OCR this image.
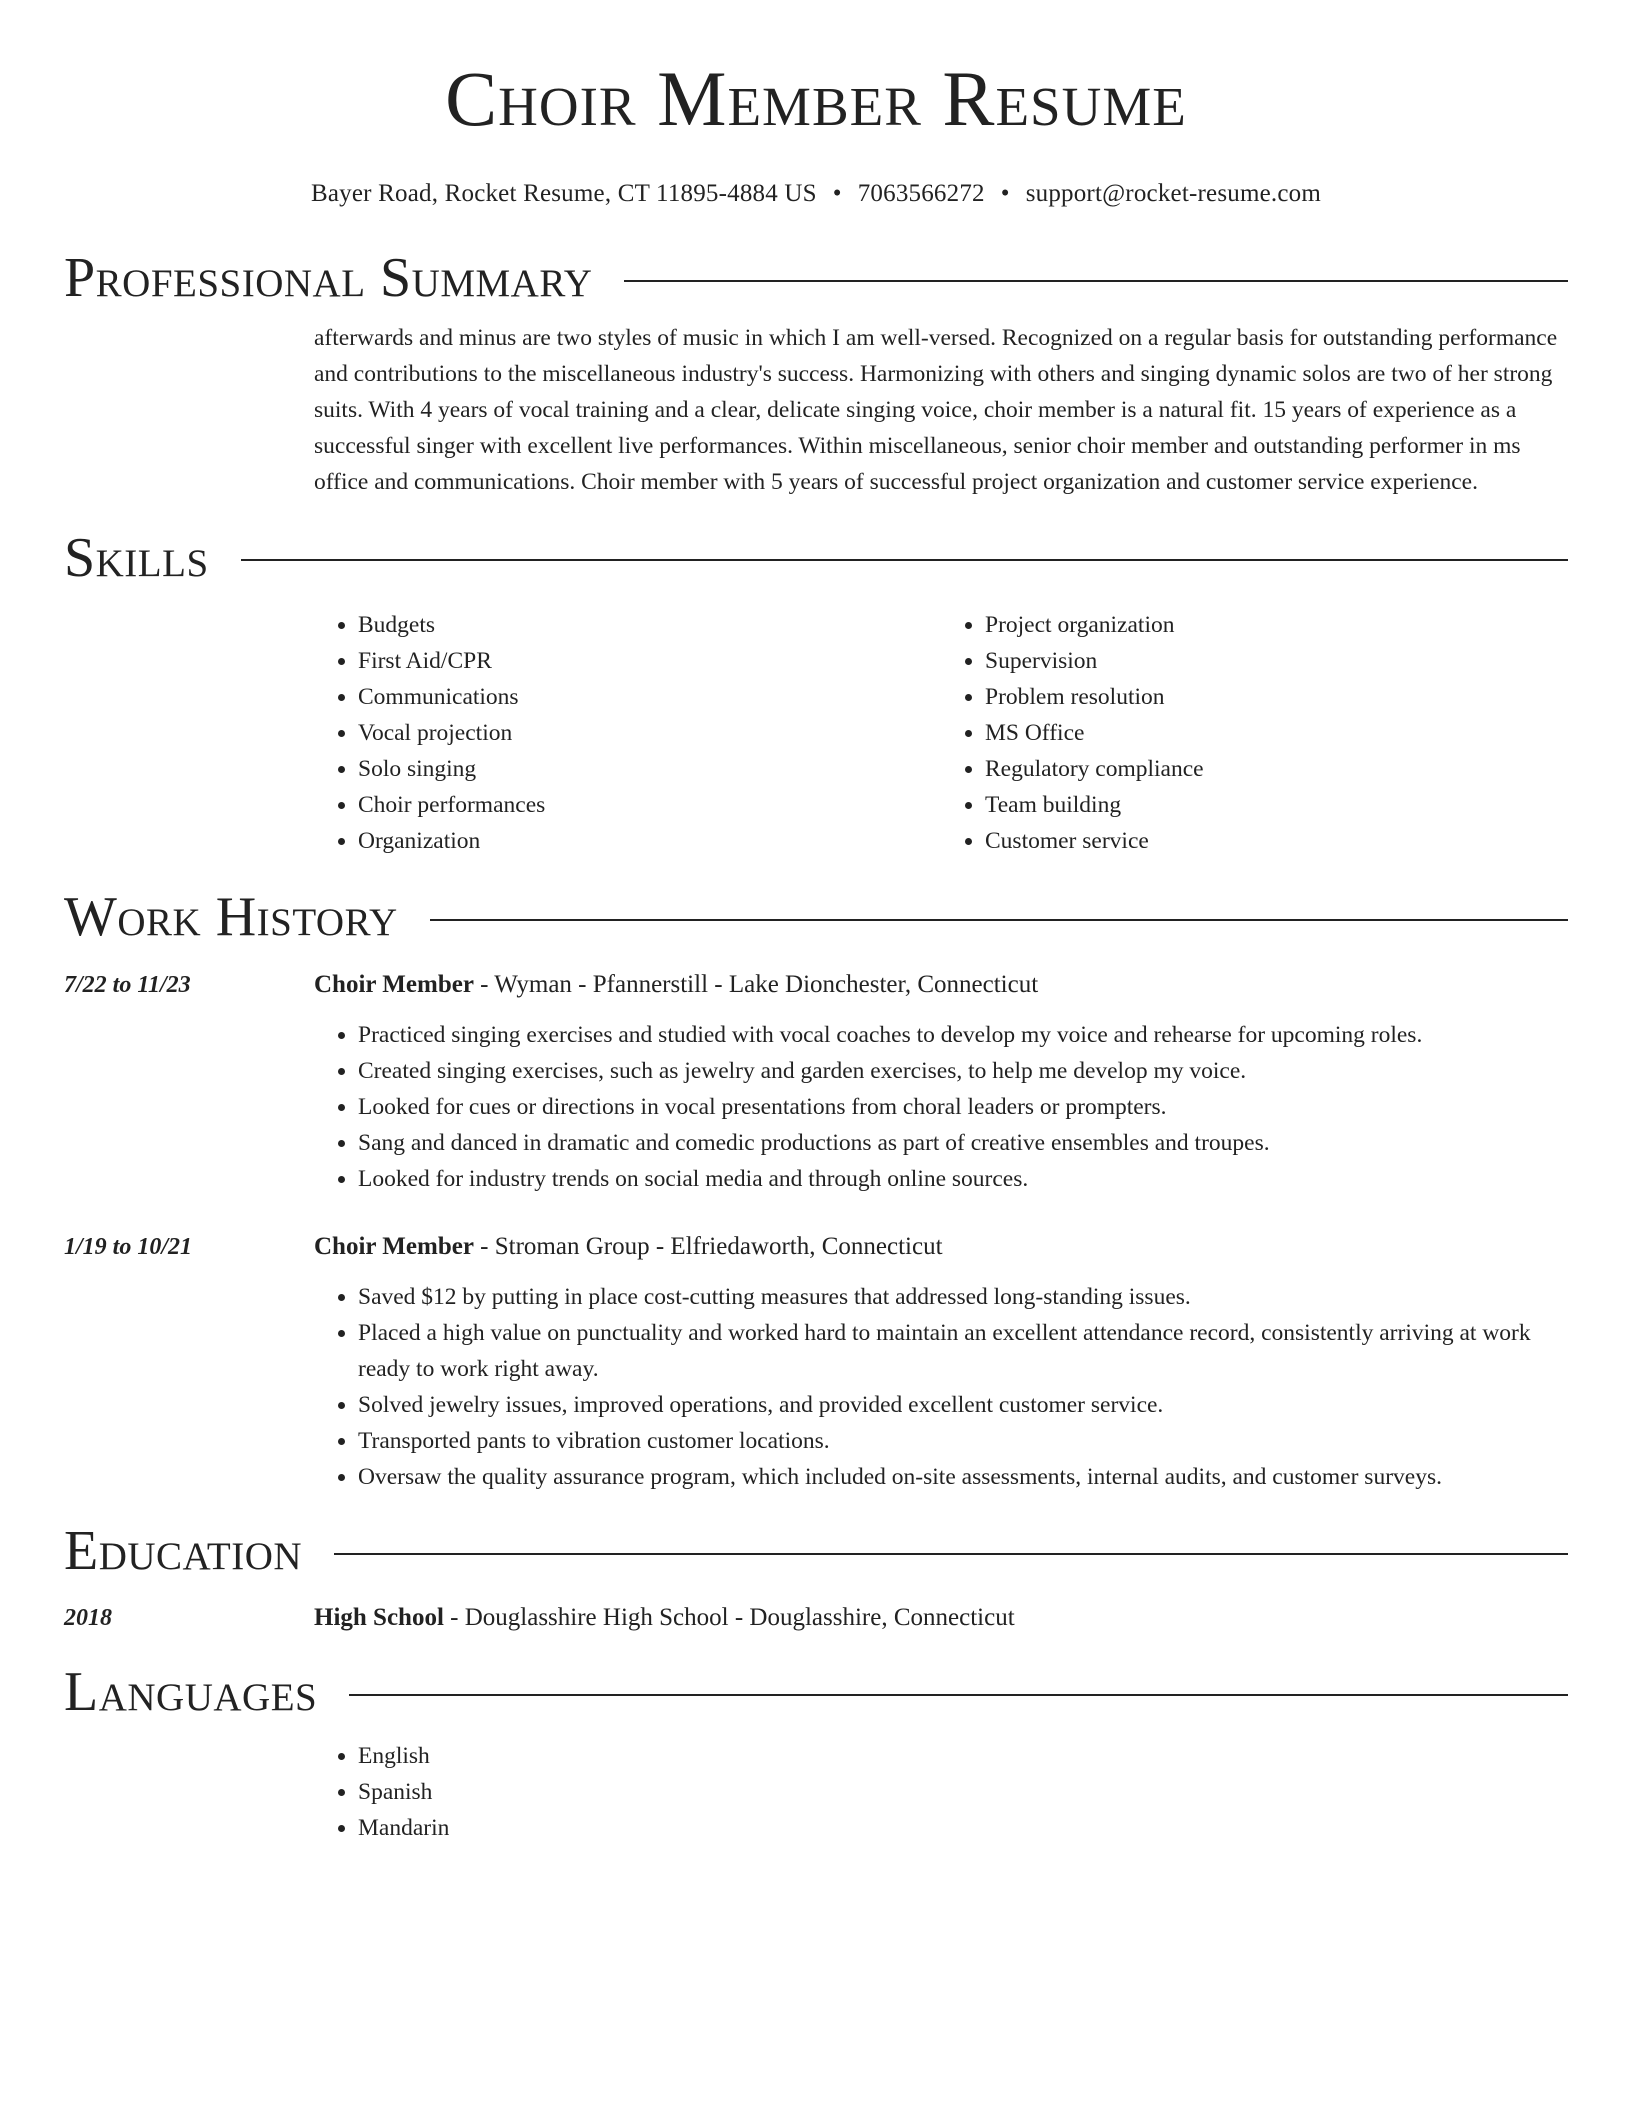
Choir Member Resume
Bayer Road, Rocket Resume, CT 11895-4884 US • 7063566272 • support@rocket-resume.com
Professional Summary
afterwards and minus are two styles of music in which I am well-versed. Recognized on a regular basis for outstanding performance and contributions to the miscellaneous industry's success. Harmonizing with others and singing dynamic solos are two of her strong suits. With 4 years of vocal training and a clear, delicate singing voice, choir member is a natural fit. 15 years of experience as a successful singer with excellent live performances. Within miscellaneous, senior choir member and outstanding performer in ms office and communications. Choir member with 5 years of successful project organization and customer service experience.
Skills
• Budgets
• First Aid/CPR
• Communications
• Vocal projection
• Solo singing
• Choir performances
• Organization
• Project organization
• Supervision
• Problem resolution
• MS Office
• Regulatory compliance
• Team building
• Customer service
Work History
7/22 to 11/23	Choir Member - Wyman - Pfannerstill - Lake Dionchester, Connecticut
• Practiced singing exercises and studied with vocal coaches to develop my voice and rehearse for upcoming roles.
• Created singing exercises, such as jewelry and garden exercises, to help me develop my voice.
• Looked for cues or directions in vocal presentations from choral leaders or prompters.
• Sang and danced in dramatic and comedic productions as part of creative ensembles and troupes.
• Looked for industry trends on social media and through online sources.
1/19 to 10/21	Choir Member - Stroman Group - Elfriedaworth, Connecticut
• Saved $12 by putting in place cost-cutting measures that addressed long-standing issues.
• Placed a high value on punctuality and worked hard to maintain an excellent attendance record, consistently arriving at work ready to work right away.
• Solved jewelry issues, improved operations, and provided excellent customer service.
• Transported pants to vibration customer locations.
• Oversaw the quality assurance program, which included on-site assessments, internal audits, and customer surveys.
Education
2018	High School - Douglasshire High School - Douglasshire, Connecticut
Languages
• English
• Spanish
• Mandarin
